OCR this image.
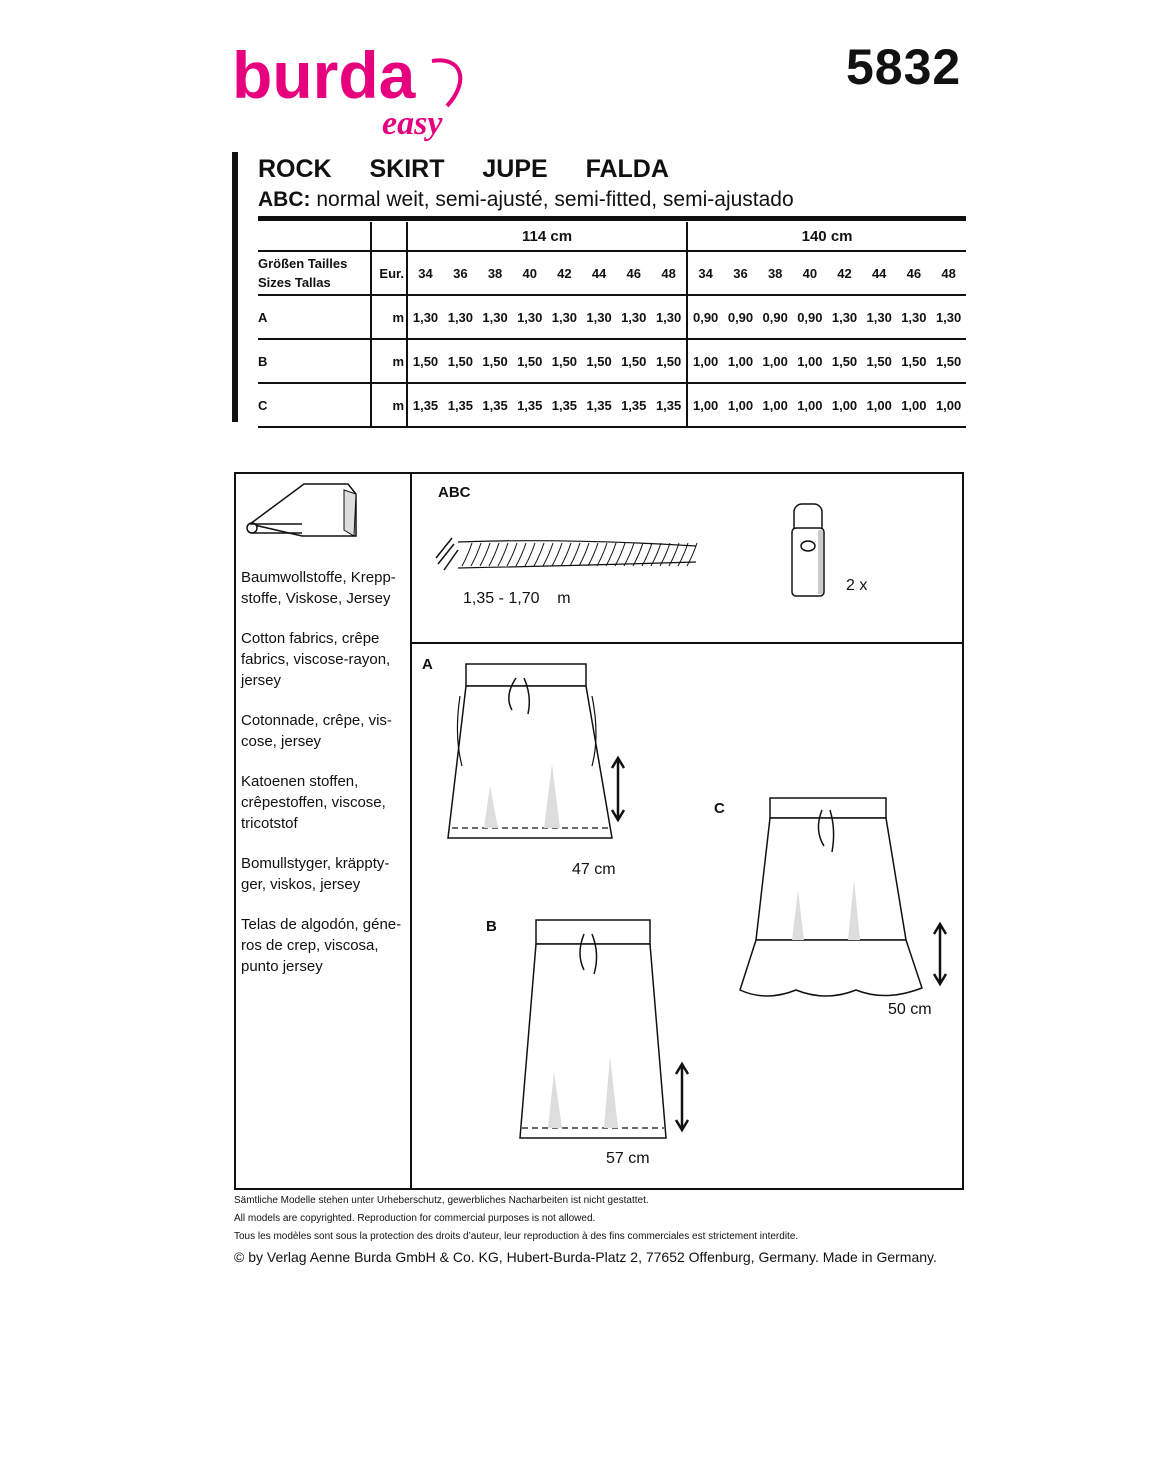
burda
easy
5832
ROCK  SKIRT  JUPE  FALDA
ABC: normal weit, semi-ajusté, semi-fitted, semi-ajustado
		114 cm								140 cm							
Größen Tailles
Sizes Tallas	Eur.	34	36	38	40	42	44	46	48	34	36	38	40	42	44	46	48
A	m	1,30	1,30	1,30	1,30	1,30	1,30	1,30	1,30	0,90	0,90	0,90	0,90	1,30	1,30	1,30	1,30
B	m	1,50	1,50	1,50	1,50	1,50	1,50	1,50	1,50	1,00	1,00	1,00	1,00	1,50	1,50	1,50	1,50
C	m	1,35	1,35	1,35	1,35	1,35	1,35	1,35	1,35	1,00	1,00	1,00	1,00	1,00	1,00	1,00	1,00

Baumwollstoffe, Krepp-stoffe, Viskose, Jersey

Cotton fabrics, crêpe fabrics, viscose-rayon, jersey

Cotonnade, crêpe, vis-cose, jersey

Katoenen stoffen, crêpestoffen, viscose, tricotstof

Bomullstyger, kräppty-ger, viskos, jersey

Telas de algodón, géne-ros de crep, viscosa, punto jersey

ABC
1,35 - 1,70    m
2 x
A
47 cm
C
50 cm
B
57 cm
Sämtliche Modelle stehen unter Urheberschutz, gewerbliches Nacharbeiten ist nicht gestattet.
All models are copyrighted. Reproduction for commercial purposes is not allowed.
Tous les modèles sont sous la protection des droits d’auteur, leur reproduction à des fins commerciales est strictement interdite.
© by Verlag Aenne Burda GmbH & Co. KG, Hubert-Burda-Platz 2, 77652 Offenburg, Germany. Made in Germany.
